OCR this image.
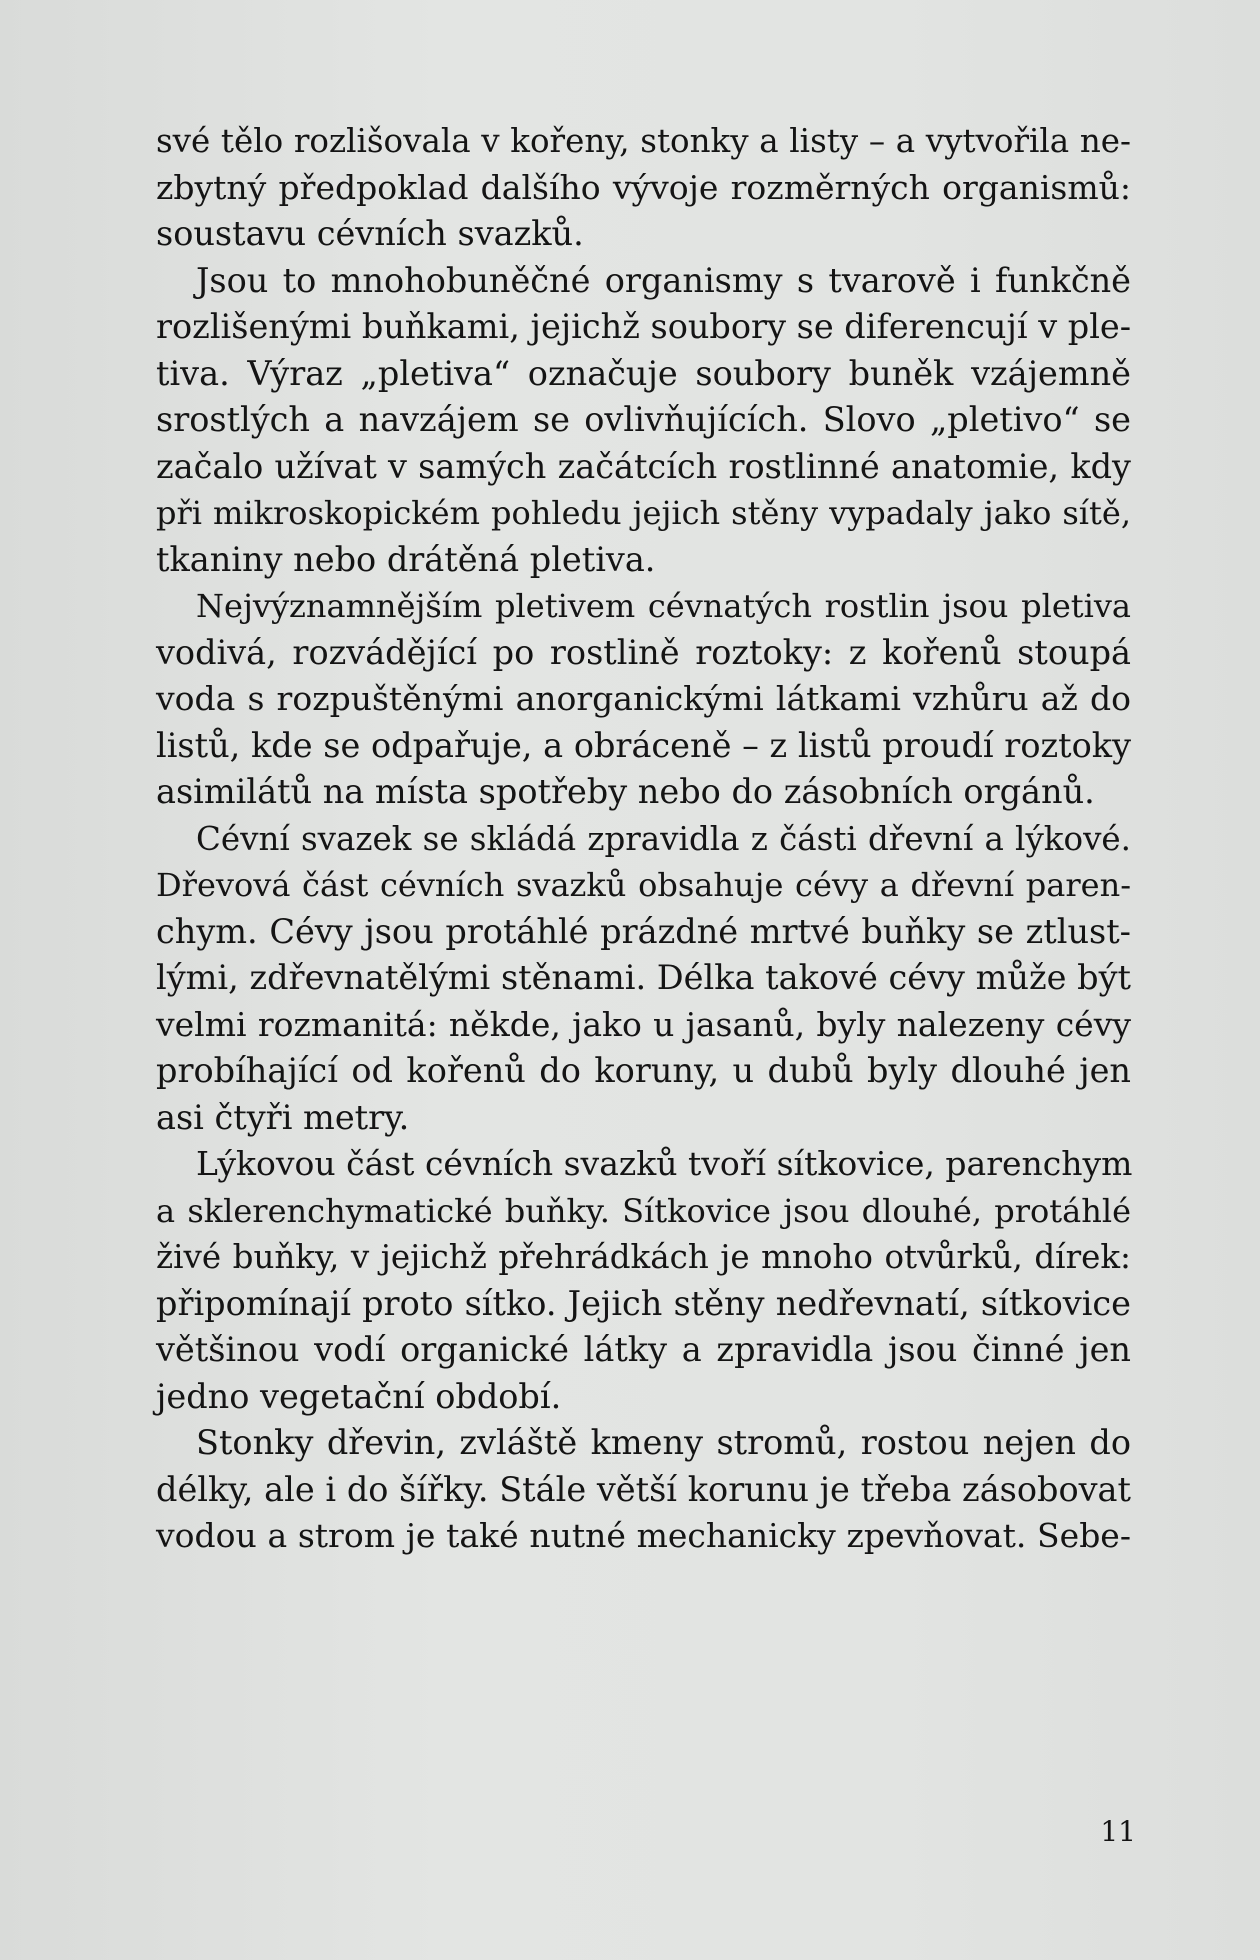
své tělo rozlišovala v kořeny, stonky a listy – a vytvořila ne-
zbytný předpoklad dalšího vývoje rozměrných organismů:
soustavu cévních svazků.
Jsou to mnohobuněčné organismy s tvarově i funkčně
rozlišenými buňkami, jejichž soubory se diferencují v ple-
tiva. Výraz „pletiva“ označuje soubory buněk vzájemně
srostlých a navzájem se ovlivňujících. Slovo „pletivo“ se
začalo užívat v samých začátcích rostlinné anatomie, kdy
při mikroskopickém pohledu jejich stěny vypadaly jako sítě,
tkaniny nebo drátěná pletiva.
Nejvýznamnějším pletivem cévnatých rostlin jsou pletiva
vodivá, rozvádějící po rostlině roztoky: z kořenů stoupá
voda s rozpuštěnými anorganickými látkami vzhůru až do
listů, kde se odpařuje, a obráceně – z listů proudí roztoky
asimilátů na místa spotřeby nebo do zásobních orgánů.
Cévní svazek se skládá zpravidla z části dřevní a lýkové.
Dřevová část cévních svazků obsahuje cévy a dřevní paren-
chym. Cévy jsou protáhlé prázdné mrtvé buňky se ztlust-
lými, zdřevnatělými stěnami. Délka takové cévy může být
velmi rozmanitá: někde, jako u jasanů, byly nalezeny cévy
probíhající od kořenů do koruny, u dubů byly dlouhé jen
asi čtyři metry.
Lýkovou část cévních svazků tvoří sítkovice, parenchym
a sklerenchymatické buňky. Sítkovice jsou dlouhé, protáhlé
živé buňky, v jejichž přehrádkách je mnoho otvůrků, dírek:
připomínají proto sítko. Jejich stěny nedřevnatí, sítkovice
většinou vodí organické látky a zpravidla jsou činné jen
jedno vegetační období.
Stonky dřevin, zvláště kmeny stromů, rostou nejen do
délky, ale i do šířky. Stále větší korunu je třeba zásobovat
vodou a strom je také nutné mechanicky zpevňovat. Sebe-
11
